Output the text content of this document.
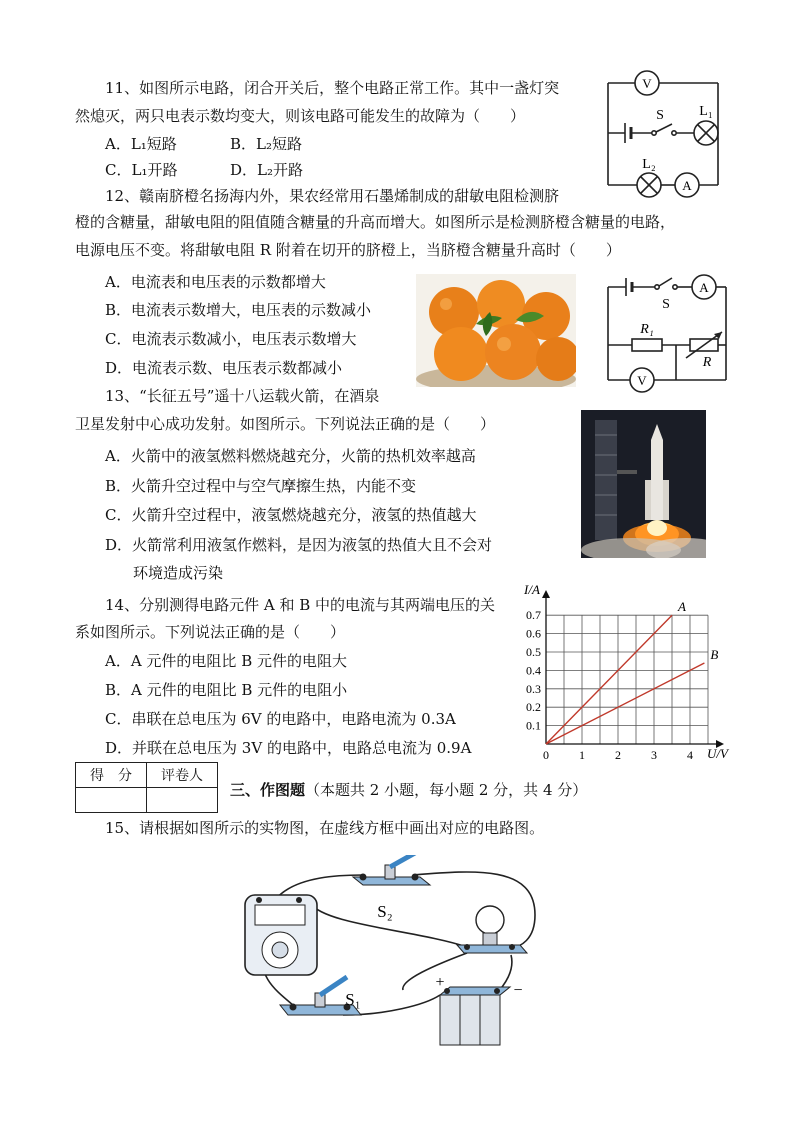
11、如图所示电路，闭合开关后，整个电路正常工作。其中一盏灯突
然熄灭，两只电表示数均变大，则该电路可能发生的故障为（　　）
A．L₁短路	B．L₂短路
C．L₁开路	D．L₂开路
V
S	L₁
L₂
A
12、赣南脐橙名扬海内外，果农经常用石墨烯制成的甜敏电阻检测脐
橙的含糖量，甜敏电阻的阻值随含糖量的升高而增大。如图所示是检测脐橙含糖量的电路，
电源电压不变。将甜敏电阻 R 附着在切开的脐橙上，当脐橙含糖量升高时（　　）
A．电流表和电压表的示数都增大
B．电流表示数增大，电压表的示数减小
C．电流表示数减小，电压表示数增大
D．电流表示数、电压表示数都减小
S
A
R₁
R
V
13、“长征五号”遥十八运载火箭，在酒泉
卫星发射中心成功发射。如图所示。下列说法正确的是（　　）
A．火箭中的液氢燃料燃烧越充分，火箭的热机效率越高
B．火箭升空过程中与空气摩擦生热，内能不变
C．火箭升空过程中，液氢燃烧越充分，液氢的热值越大
D．火箭常利用液氢作燃料，是因为液氢的热值大且不会对
环境造成污染
14、分别测得电路元件 A 和 B 中的电流与其两端电压的关
系如图所示。下列说法正确的是（　　）
A．A 元件的电阻比 B 元件的电阻大
B．A 元件的电阻比 B 元件的电阻小
C．串联在总电压为 6V 的电路中，电路电流为 0.3A
D．并联在总电压为 3V 的电路中，电路总电流为 0.9A	0	1	2	3	4
0.1
0.2
0.3
0.4
0.5
0.6
0.7
A
B
I/A
U/V
得　分	评卷人

三、作图题（本题共 2 小题，每小题 2 分，共 4 分）
15、请根据如图所示的实物图，在虚线方框中画出对应的电路图。
S₂
S₁
+	−
